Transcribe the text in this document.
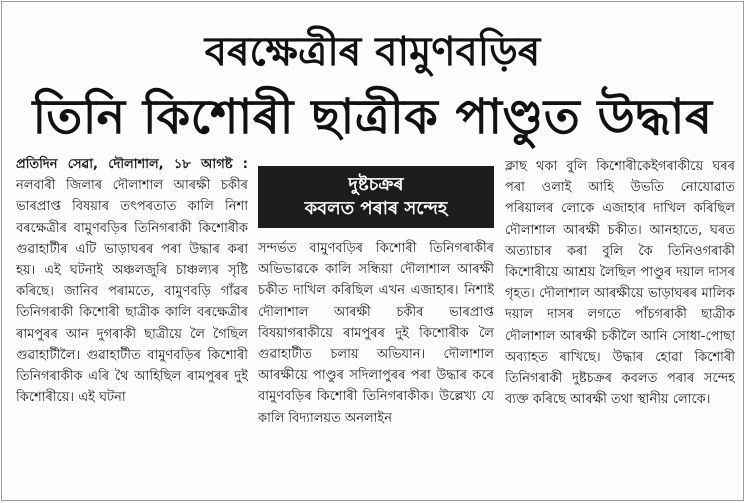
বৰক্ষেত্ৰীৰ বামুণবড়িৰ
তিনি কিশোৰী ছাত্ৰীক পাণ্ডুত উদ্ধাৰ
প্ৰতিদিন সেৱা, দৌলাশাল, ১৮ আগষ্ট : নলবাৰী জিলাৰ দৌলাশাল আৰক্ষী চকীৰ ভাৰপ্ৰাপ্ত বিষয়াৰ তৎপৰতাত কালি নিশা বৰক্ষেত্ৰীৰ বামুণবড়িৰ তিনিগৰাকী কিশোৰীক গুৱাহাটীৰ এটি ভাড়াঘৰৰ পৰা উদ্ধাৰ কৰা হয়। এই ঘটনাই অঞ্চলজুৰি চাঞ্চল্যৰ সৃষ্টি কৰিছে। জানিব পৰামতে, বামুণবড়ি গাঁৱৰ তিনিগৰাকী কিশোৰী ছাত্ৰীক কালি বৰক্ষেত্ৰীৰ ৰামপুৰৰ আন দুগৰাকী ছাত্ৰীয়ে লৈ গৈছিল গুৱাহাটীলৈ। গুৱাহাটীত বামুণবড়িৰ কিশোৰী তিনিগৰাকীক এৰি থৈ আহিছিল ৰামপুৰৰ দুই কিশোৰীয়ে। এই ঘটনা
দুষ্টচক্ৰৰ
কবলত পৰাৰ সন্দেহ
সন্দৰ্ভত বামুণবড়িৰ কিশোৰী তিনিগৰাকীৰ অভিভাৱকে কালি সন্ধিয়া দৌলাশাল আৰক্ষী চকীত দাখিল কৰিছিল এখন এজাহাৰ। নিশাই দৌলাশাল আৰক্ষী চকীৰ ভাৰপ্ৰাপ্ত বিষয়াগৰাকীয়ে ৰামপুৰৰ দুই কিশোৰীক লৈ গুৱাহাটীত চলায় অভিযান। দৌলাশাল আৰক্ষীয়ে পাণ্ডুৰ সদিলাপুৰৰ পৰা উদ্ধাৰ কৰে বামুণবড়িৰ কিশোৰী তিনিগৰাকীক। উল্লেখ্য যে কালি বিদ্যালয়ত অনলাইন
ক্লাছ থকা বুলি কিশোৰীকেইগৰাকীয়ে ঘৰৰ পৰা ওলাই আহি উভতি নোযোৱাত পৰিয়ালৰ লোকে এজাহাৰ দাখিল কৰিছিল দৌলাশাল আৰক্ষী চকীত। আনহাতে, ঘৰত অত্যাচাৰ কৰা বুলি কৈ তিনিওগৰাকী কিশোৰীয়ে আশ্ৰয় লৈছিল পাণ্ডুৰ দয়াল দাসৰ গৃহত। দৌলাশাল আৰক্ষীয়ে ভাড়াঘৰৰ মালিক দয়াল দাসৰ লগতে পাঁচগৰাকী ছাত্ৰীক দৌলাশাল আৰক্ষী চকীলৈ আনি সোধা-পোছা অব্যাহত ৰাখিছে। উদ্ধাৰ হোৱা কিশোৰী তিনিগৰাকী দুষ্টচক্ৰৰ কবলত পৰাৰ সন্দেহ ব্যক্ত কৰিছে আৰক্ষী তথা স্থানীয় লোকে।
